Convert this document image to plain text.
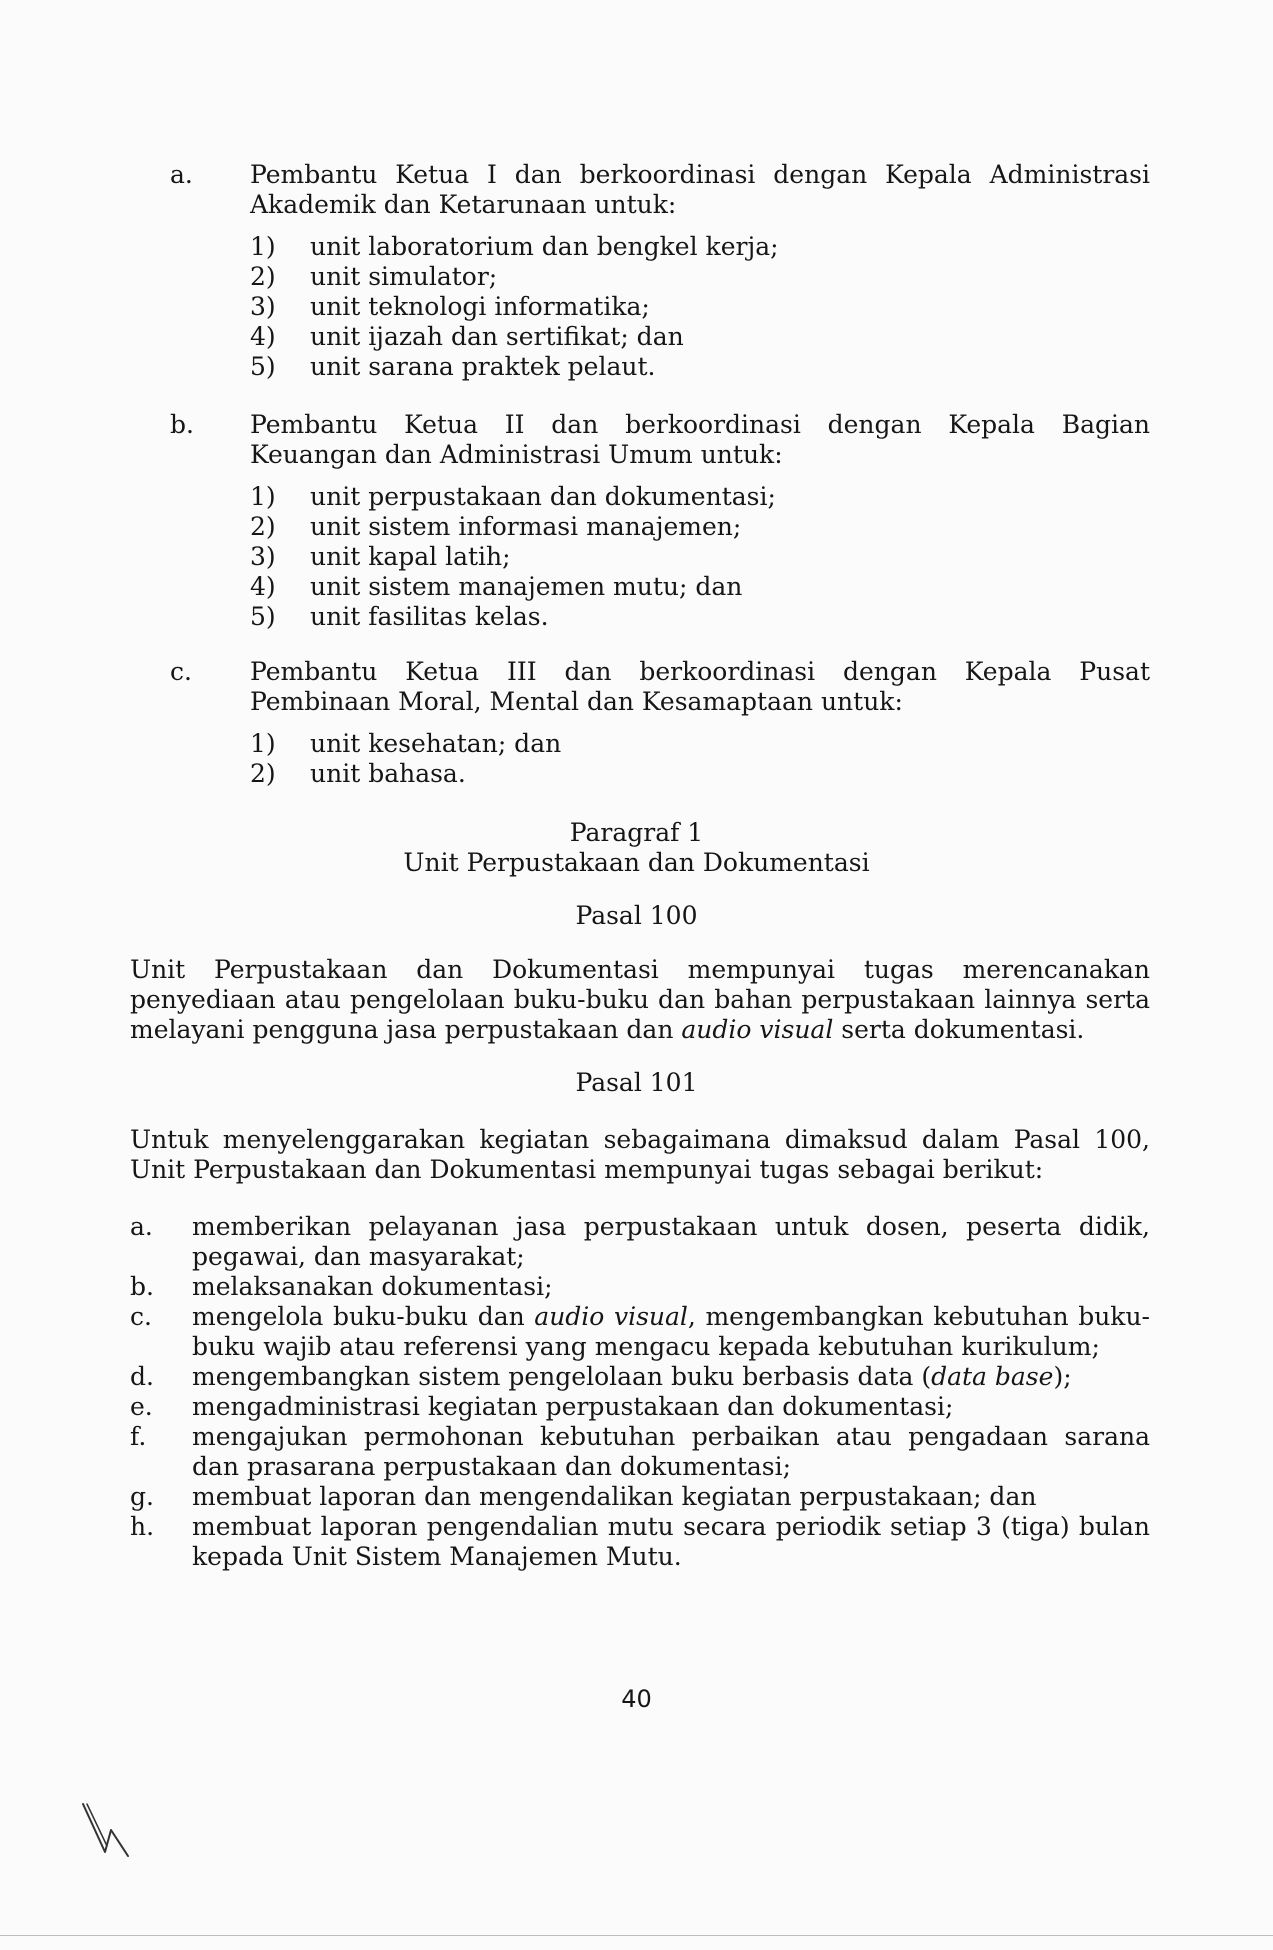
a. Pembantu Ketua I dan berkoordinasi dengan Kepala Administrasi Akademik dan Ketarunaan untuk:
1) unit laboratorium dan bengkel kerja;
2) unit simulator;
3) unit teknologi informatika;
4) unit ijazah dan sertifikat; dan
5) unit sarana praktek pelaut.
b. Pembantu Ketua II dan berkoordinasi dengan Kepala Bagian Keuangan dan Administrasi Umum untuk:
1) unit perpustakaan dan dokumentasi;
2) unit sistem informasi manajemen;
3) unit kapal latih;
4) unit sistem manajemen mutu; dan
5) unit fasilitas kelas.
c. Pembantu Ketua III dan berkoordinasi dengan Kepala Pusat Pembinaan Moral, Mental dan Kesamaptaan untuk:
1) unit kesehatan; dan
2) unit bahasa.
Paragraf 1
Unit Perpustakaan dan Dokumentasi
Pasal 100
Unit Perpustakaan dan Dokumentasi mempunyai tugas merencanakan penyediaan atau pengelolaan buku-buku dan bahan perpustakaan lainnya serta melayani pengguna jasa perpustakaan dan audio visual serta dokumentasi.
Pasal 101
Untuk menyelenggarakan kegiatan sebagaimana dimaksud dalam Pasal 100, Unit Perpustakaan dan Dokumentasi mempunyai tugas sebagai berikut:
a. memberikan pelayanan jasa perpustakaan untuk dosen, peserta didik, pegawai, dan masyarakat;
b. melaksanakan dokumentasi;
c. mengelola buku-buku dan audio visual, mengembangkan kebutuhan buku-buku wajib atau referensi yang mengacu kepada kebutuhan kurikulum;
d. mengembangkan sistem pengelolaan buku berbasis data (data base);
e. mengadministrasi kegiatan perpustakaan dan dokumentasi;
f. mengajukan permohonan kebutuhan perbaikan atau pengadaan sarana dan prasarana perpustakaan dan dokumentasi;
g. membuat laporan dan mengendalikan kegiatan perpustakaan; dan
h. membuat laporan pengendalian mutu secara periodik setiap 3 (tiga) bulan kepada Unit Sistem Manajemen Mutu.
40
